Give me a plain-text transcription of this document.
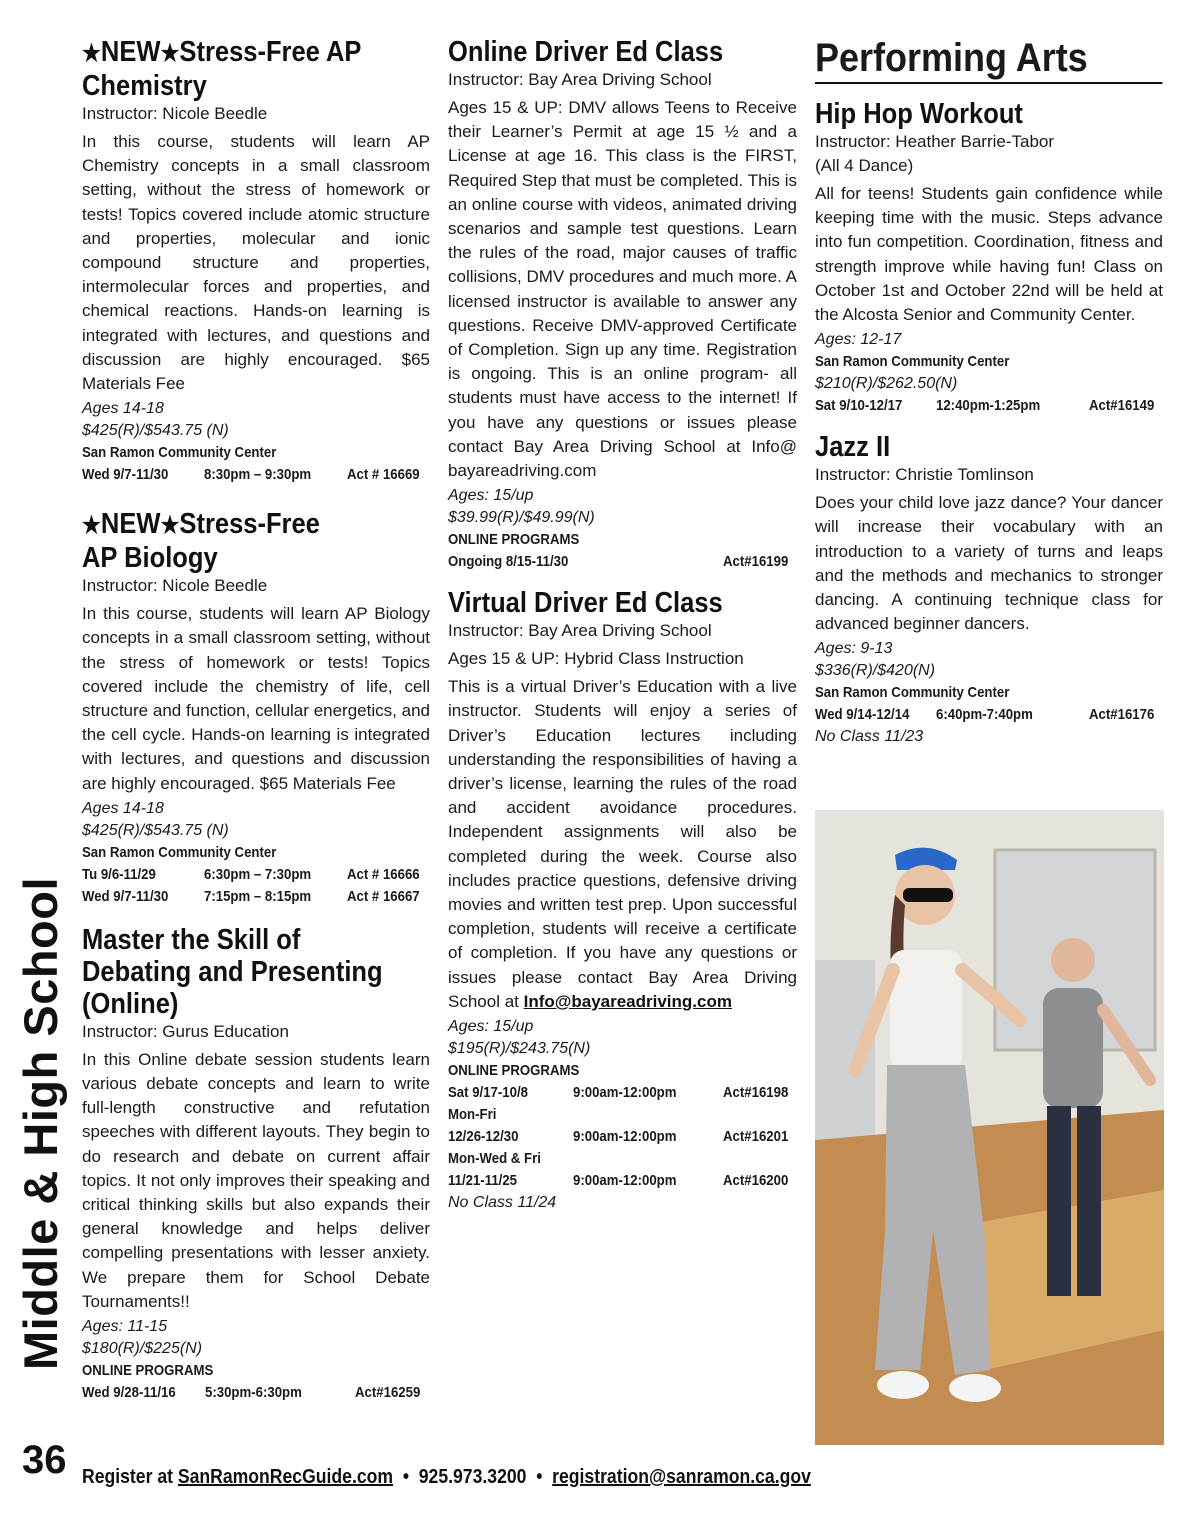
Middle & High School
36
★NEW★Stress-Free AP
Chemistry

Instructor: Nicole Beedle

In this course, students will learn AP Chemistry concepts in a small classroom setting, without the stress of homework or tests! Topics covered include atomic structure and properties, molecular and ionic compound structure and properties, intermolecular forces and properties, and chemical reactions. Hands-on learning is integrated with lectures, and questions and discussion are highly encouraged. $65 Materials Fee

Ages 14-18

$425(R)/$543.75 (N)

San Ramon Community Center

Wed 9/7-11/30	8:30pm – 9:30pm	Act # 16669
★NEW★Stress-Free
AP Biology

Instructor: Nicole Beedle

In this course, students will learn AP Biology concepts in a small classroom setting, without the stress of homework or tests! Topics covered include the chemistry of life, cell structure and function, cellular energetics, and the cell cycle. Hands-on learning is integrated with lectures, and questions and discussion are highly encouraged. $65 Materials Fee

Ages 14-18

$425(R)/$543.75 (N)

San Ramon Community Center

Tu 9/6-11/29	6:30pm – 7:30pm	Act # 16666
Wed 9/7-11/30	7:15pm – 8:15pm	Act # 16667
Master the Skill of
Debating and Presenting
(Online)

Instructor: Gurus Education

In this Online debate session students learn various debate concepts and learn to write full-length constructive and refutation speeches with different layouts. They begin to do research and debate on current affair topics. It not only improves their speaking and critical thinking skills but also expands their general knowledge and helps deliver compelling presentations with lesser anxiety. We prepare them for School Debate Tournaments!!

Ages: 11-15

$180(R)/$225(N)

ONLINE PROGRAMS

Wed 9/28-11/16	5:30pm-6:30pm	Act#16259
Online Driver Ed Class

Instructor: Bay Area Driving School

Ages 15 & UP: DMV allows Teens to Receive their Learner’s Permit at age 15 ½ and a License at age 16. This class is the FIRST, Required Step that must be completed. This is an online course with videos, animated driving scenarios and sample test questions. Learn the rules of the road, major causes of traffic collisions, DMV procedures and much more. A licensed instructor is available to answer any questions. Receive DMV-approved Certificate of Completion. Sign up any time. Registration is ongoing. This is an online program- all students must have access to the internet! If you have any questions or issues please contact Bay Area Driving School at Info@ bayareadriving.com

Ages: 15/up

$39.99(R)/$49.99(N)

ONLINE PROGRAMS

Ongoing 8/15-11/30	Act#16199
Virtual Driver Ed Class

Instructor: Bay Area Driving School

Ages 15 & UP: Hybrid Class Instruction

This is a virtual Driver’s Education with a live instructor. Students will enjoy a series of Driver’s Education lectures including understanding the responsibilities of having a driver’s license, learning the rules of the road and accident avoidance procedures. Independent assignments will also be completed during the week. Course also includes practice questions, defensive driving movies and written test prep. Upon successful completion, students will receive a certificate of completion. If you have any questions or issues please contact Bay Area Driving School at Info@bayareadriving.com

Ages: 15/up

$195(R)/$243.75(N)

ONLINE PROGRAMS

Sat 9/17-10/8	9:00am-12:00pm	Act#16198
Mon-Fri
12/26-12/30	9:00am-12:00pm	Act#16201
Mon-Wed & Fri
11/21-11/25	9:00am-12:00pm	Act#16200

No Class 11/24

Performing Arts
Hip Hop Workout

Instructor: Heather Barrie-Tabor

(All 4 Dance)

All for teens! Students gain confidence while keeping time with the music. Steps advance into fun competition. Coordination, fitness and strength improve while having fun! Class on October 1st and October 22nd will be held at the Alcosta Senior and Community Center.

Ages: 12-17

San Ramon Community Center

$210(R)/$262.50(N)

Sat 9/10-12/17	12:40pm-1:25pm	Act#16149
Jazz II

Instructor: Christie Tomlinson

Does your child love jazz dance? Your dancer will increase their vocabulary with an introduction to a variety of turns and leaps and the methods and mechanics to stronger dancing. A continuing technique class for advanced beginner dancers.

Ages: 9-13

$336(R)/$420(N)

San Ramon Community Center

Wed 9/14-12/14	6:40pm-7:40pm	Act#16176

No Class 11/23

Register at SanRamonRecGuide.com  •  925.973.3200  •  registration@sanramon.ca.gov
